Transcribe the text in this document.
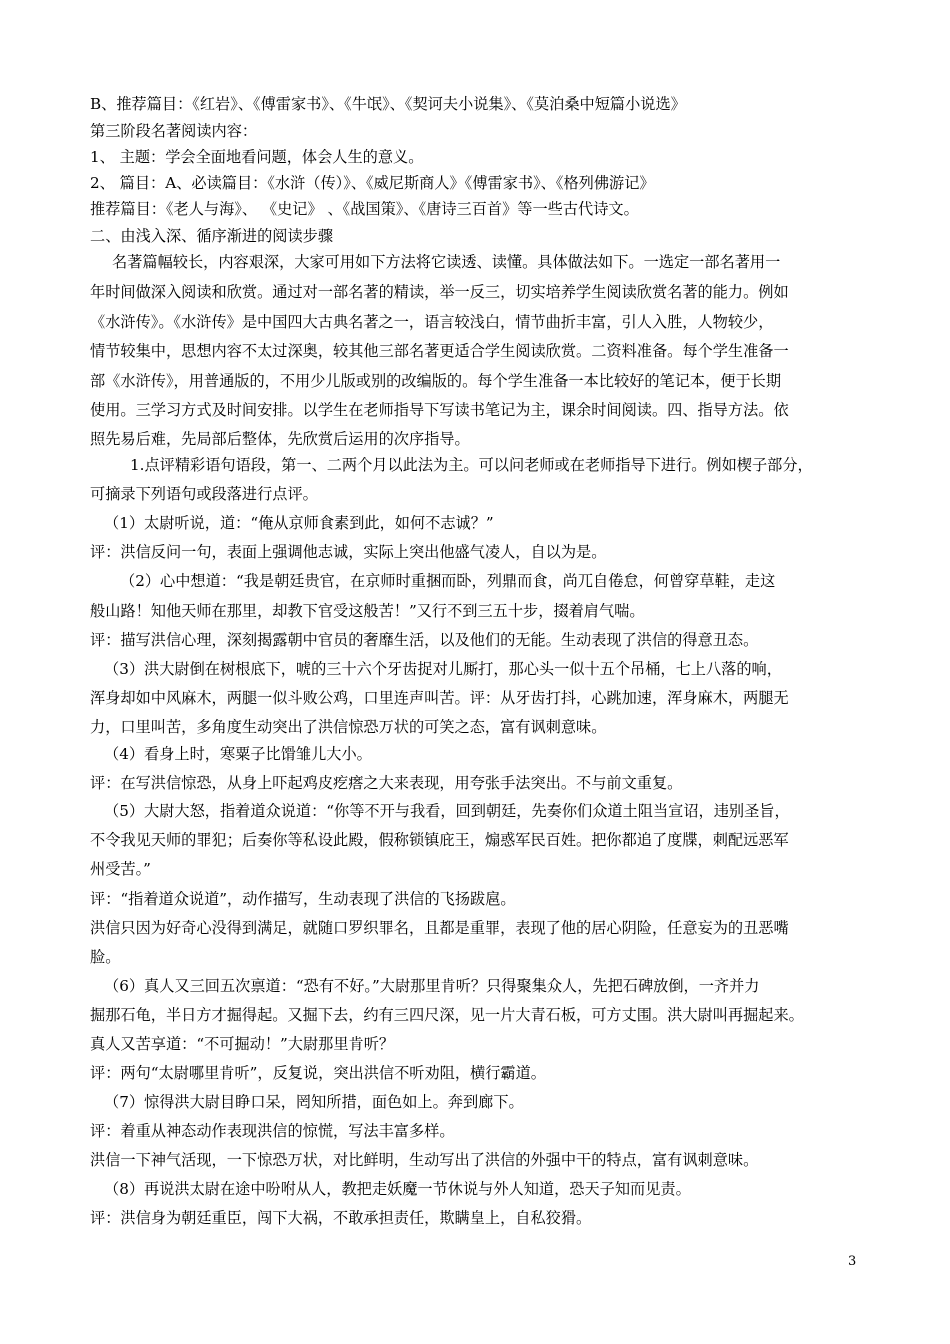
B、推荐篇目：《红岩》、《傅雷家书》、《牛氓》、《契诃夫小说集》、《莫泊桑中短篇小说选》
第三阶段名著阅读内容：
1、 主题：学会全面地看问题，体会人生的意义。
2、 篇目：A、必读篇目：《水浒（传）》、《威尼斯商人》《傅雷家书》、《格列佛游记》
推荐篇目：《老人与海》、 《史记》 、《战国策》、《唐诗三百首》等一些古代诗文。
二、由浅入深、循序渐进的阅读步骤
名著篇幅较长，内容艰深，大家可用如下方法将它读透、读懂。具体做法如下。一选定一部名著用一
年时间做深入阅读和欣赏。通过对一部名著的精读，举一反三，切实培养学生阅读欣赏名著的能力。例如
《水浒传》。《水浒传》是中国四大古典名著之一，语言较浅白，情节曲折丰富，引人入胜，人物较少，
情节较集中，思想内容不太过深奥，较其他三部名著更适合学生阅读欣赏。二资料准备。每个学生准备一
部《水浒传》，用普通版的，不用少儿版或别的改编版的。每个学生准备一本比较好的笔记本，便于长期
使用。三学习方式及时间安排。以学生在老师指导下写读书笔记为主，课余时间阅读。四、指导方法。依
照先易后难，先局部后整体，先欣赏后运用的次序指导。
1.点评精彩语句语段，第一、二两个月以此法为主。可以问老师或在老师指导下进行。例如楔子部分，
可摘录下列语句或段落进行点评。
（1）太尉听说，道：“俺从京师食素到此，如何不志诚？”
评：洪信反问一句，表面上强调他志诚，实际上突出他盛气凌人，自以为是。
（2）心中想道：“我是朝廷贵官，在京师时重捆而卧，列鼎而食，尚兀自倦怠，何曾穿草鞋，走这
般山路！知他天师在那里，却教下官受这般苦！”又行不到三五十步，掇着肩气喘。
评：描写洪信心理，深刻揭露朝中官员的奢靡生活，以及他们的无能。生动表现了洪信的得意丑态。
（3）洪大尉倒在树根底下，唬的三十六个牙齿捉对儿厮打，那心头一似十五个吊桶，七上八落的响，
浑身却如中风麻木，两腿一似斗败公鸡，口里连声叫苦。评：从牙齿打抖，心跳加速，浑身麻木，两腿无
力，口里叫苦，多角度生动突出了洪信惊恐万状的可笑之态，富有讽刺意味。
（4）看身上时，寒粟子比馉雏儿大小。
评：在写洪信惊恐，从身上吓起鸡皮疙瘩之大来表现，用夸张手法突出。不与前文重复。
（5）大尉大怒，指着道众说道：“你等不开与我看，回到朝廷，先奏你们众道土阻当宣诏，违别圣旨，
不令我见天师的罪犯；后奏你等私设此殿，假称锁镇庇王，煽惑军民百姓。把你都追了度牒，刺配远恶军
州受苦。”
评：“指着道众说道”，动作描写，生动表现了洪信的飞扬跋扈。
洪信只因为好奇心没得到满足，就随口罗织罪名，且都是重罪，表现了他的居心阴险，任意妄为的丑恶嘴
脸。
（6）真人又三回五次禀道：“恐有不好。”大尉那里肯听？只得聚集众人，先把石碑放倒，一齐并力
掘那石龟，半日方才掘得起。又掘下去，约有三四尺深，见一片大青石板，可方丈围。洪大尉叫再掘起来。
真人又苦享道：“不可掘动！”大尉那里肯听？
评：两句“太尉哪里肯听”，反复说，突出洪信不听劝阻，横行霸道。
（7）惊得洪大尉目睁口呆，罔知所措，面色如上。奔到廊下。
评：着重从神态动作表现洪信的惊慌，写法丰富多样。
洪信一下神气活现，一下惊恐万状，对比鲜明，生动写出了洪信的外强中干的特点，富有讽刺意味。
（8）再说洪太尉在途中吩咐从人，教把走妖魔一节休说与外人知道，恐天子知而见责。
评：洪信身为朝廷重臣，闯下大祸，不敢承担责任，欺瞒皇上，自私狡猾。
3
